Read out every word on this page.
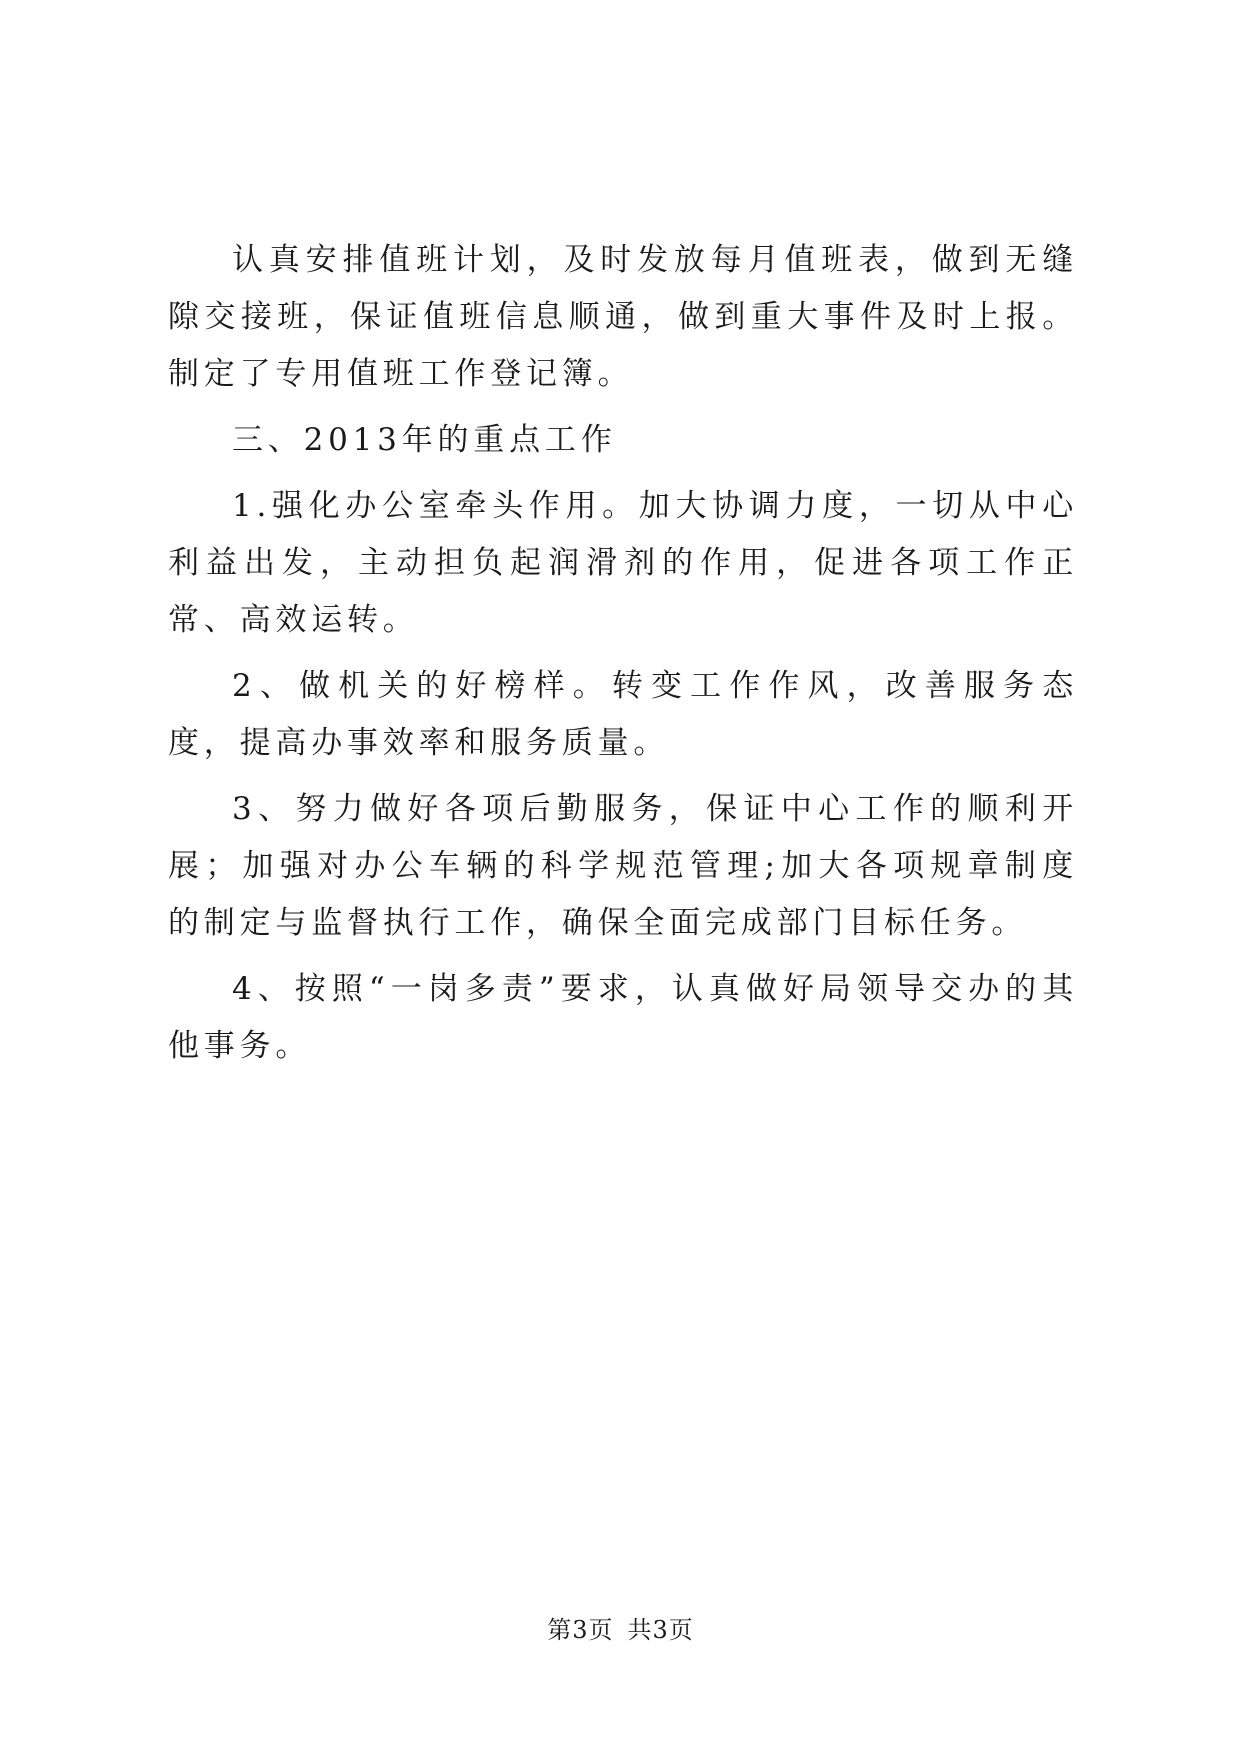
认真安排值班计划，及时发放每月值班表，做到无缝隙交接班，保证值班信息顺通，做到重大事件及时上报。制定了专用值班工作登记簿。

三、2013年的重点工作

1.强化办公室牵头作用。加大协调力度，一切从中心利益出发，主动担负起润滑剂的作用，促进各项工作正常、高效运转。

2、做机关的好榜样。转变工作作风，改善服务态度，提高办事效率和服务质量。

3、努力做好各项后勤服务，保证中心工作的顺利开展；加强对办公车辆的科学规范管理;加大各项规章制度的制定与监督执行工作，确保全面完成部门目标任务。

4、按照“一岗多责”要求，认真做好局领导交办的其他事务。

第3页 共3页
